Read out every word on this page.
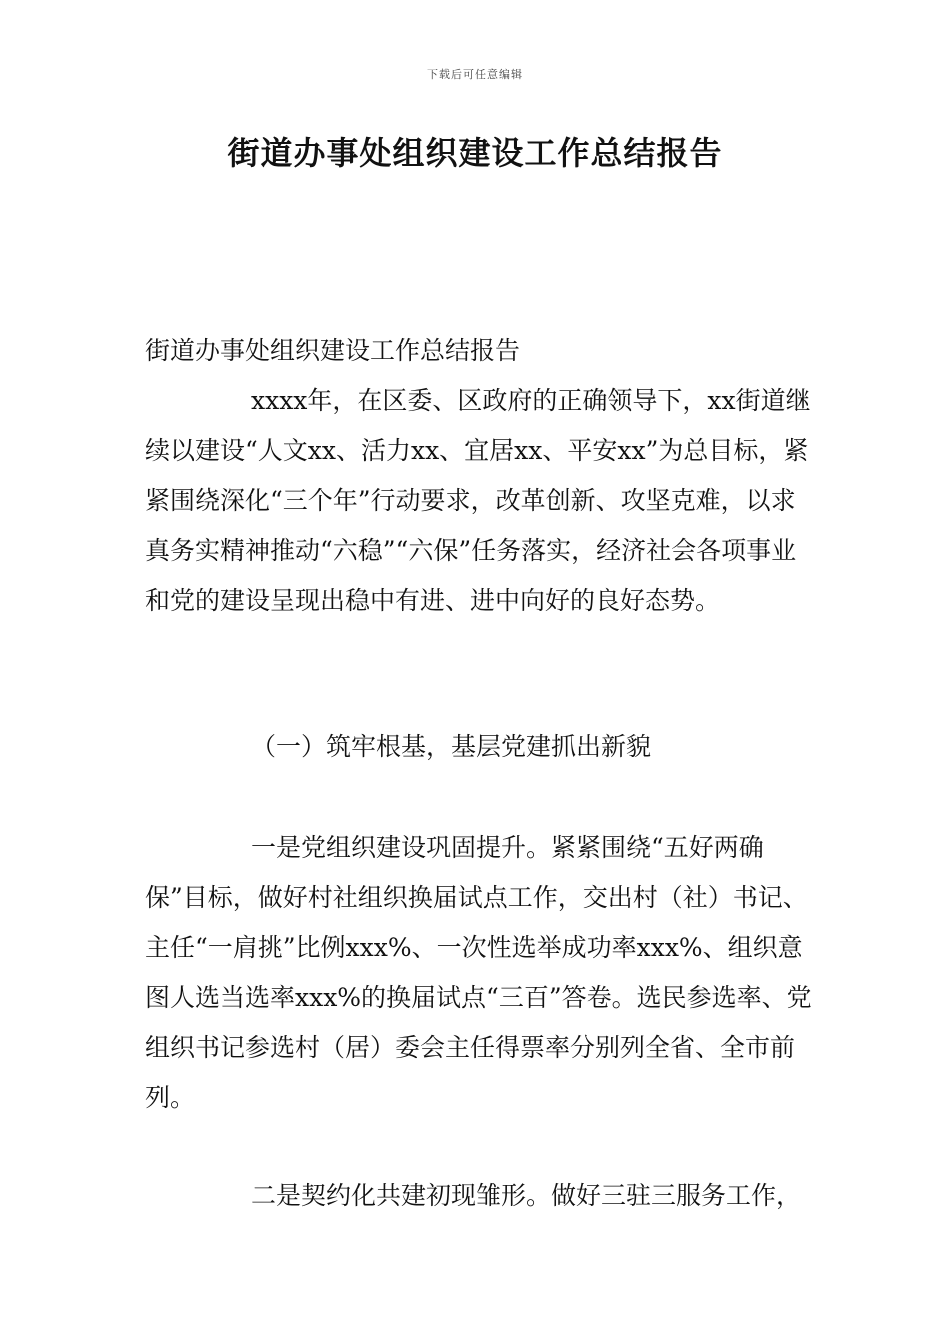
下载后可任意编辑
街道办事处组织建设工作总结报告

街道办事处组织建设工作总结报告

xxxx年，在区委、区政府的正确领导下，xx街道继续以建设“人文xx、活力xx、宜居xx、平安xx”为总目标，紧紧围绕深化“三个年”行动要求，改革创新、攻坚克难，以求真务实精神推动“六稳”“六保”任务落实，经济社会各项事业和党的建设呈现出稳中有进、进中向好的良好态势。

（一）筑牢根基，基层党建抓出新貌

一是党组织建设巩固提升。紧紧围绕“五好两确保”目标，做好村社组织换届试点工作，交出村（社）书记、主任“一肩挑”比例xxx%、一次性选举成功率xxx%、组织意图人选当选率xxx%的换届试点“三百”答卷。选民参选率、党组织书记参选村（居）委会主任得票率分别列全省、全市前列。

二是契约化共建初现雏形。做好三驻三服务工作，
